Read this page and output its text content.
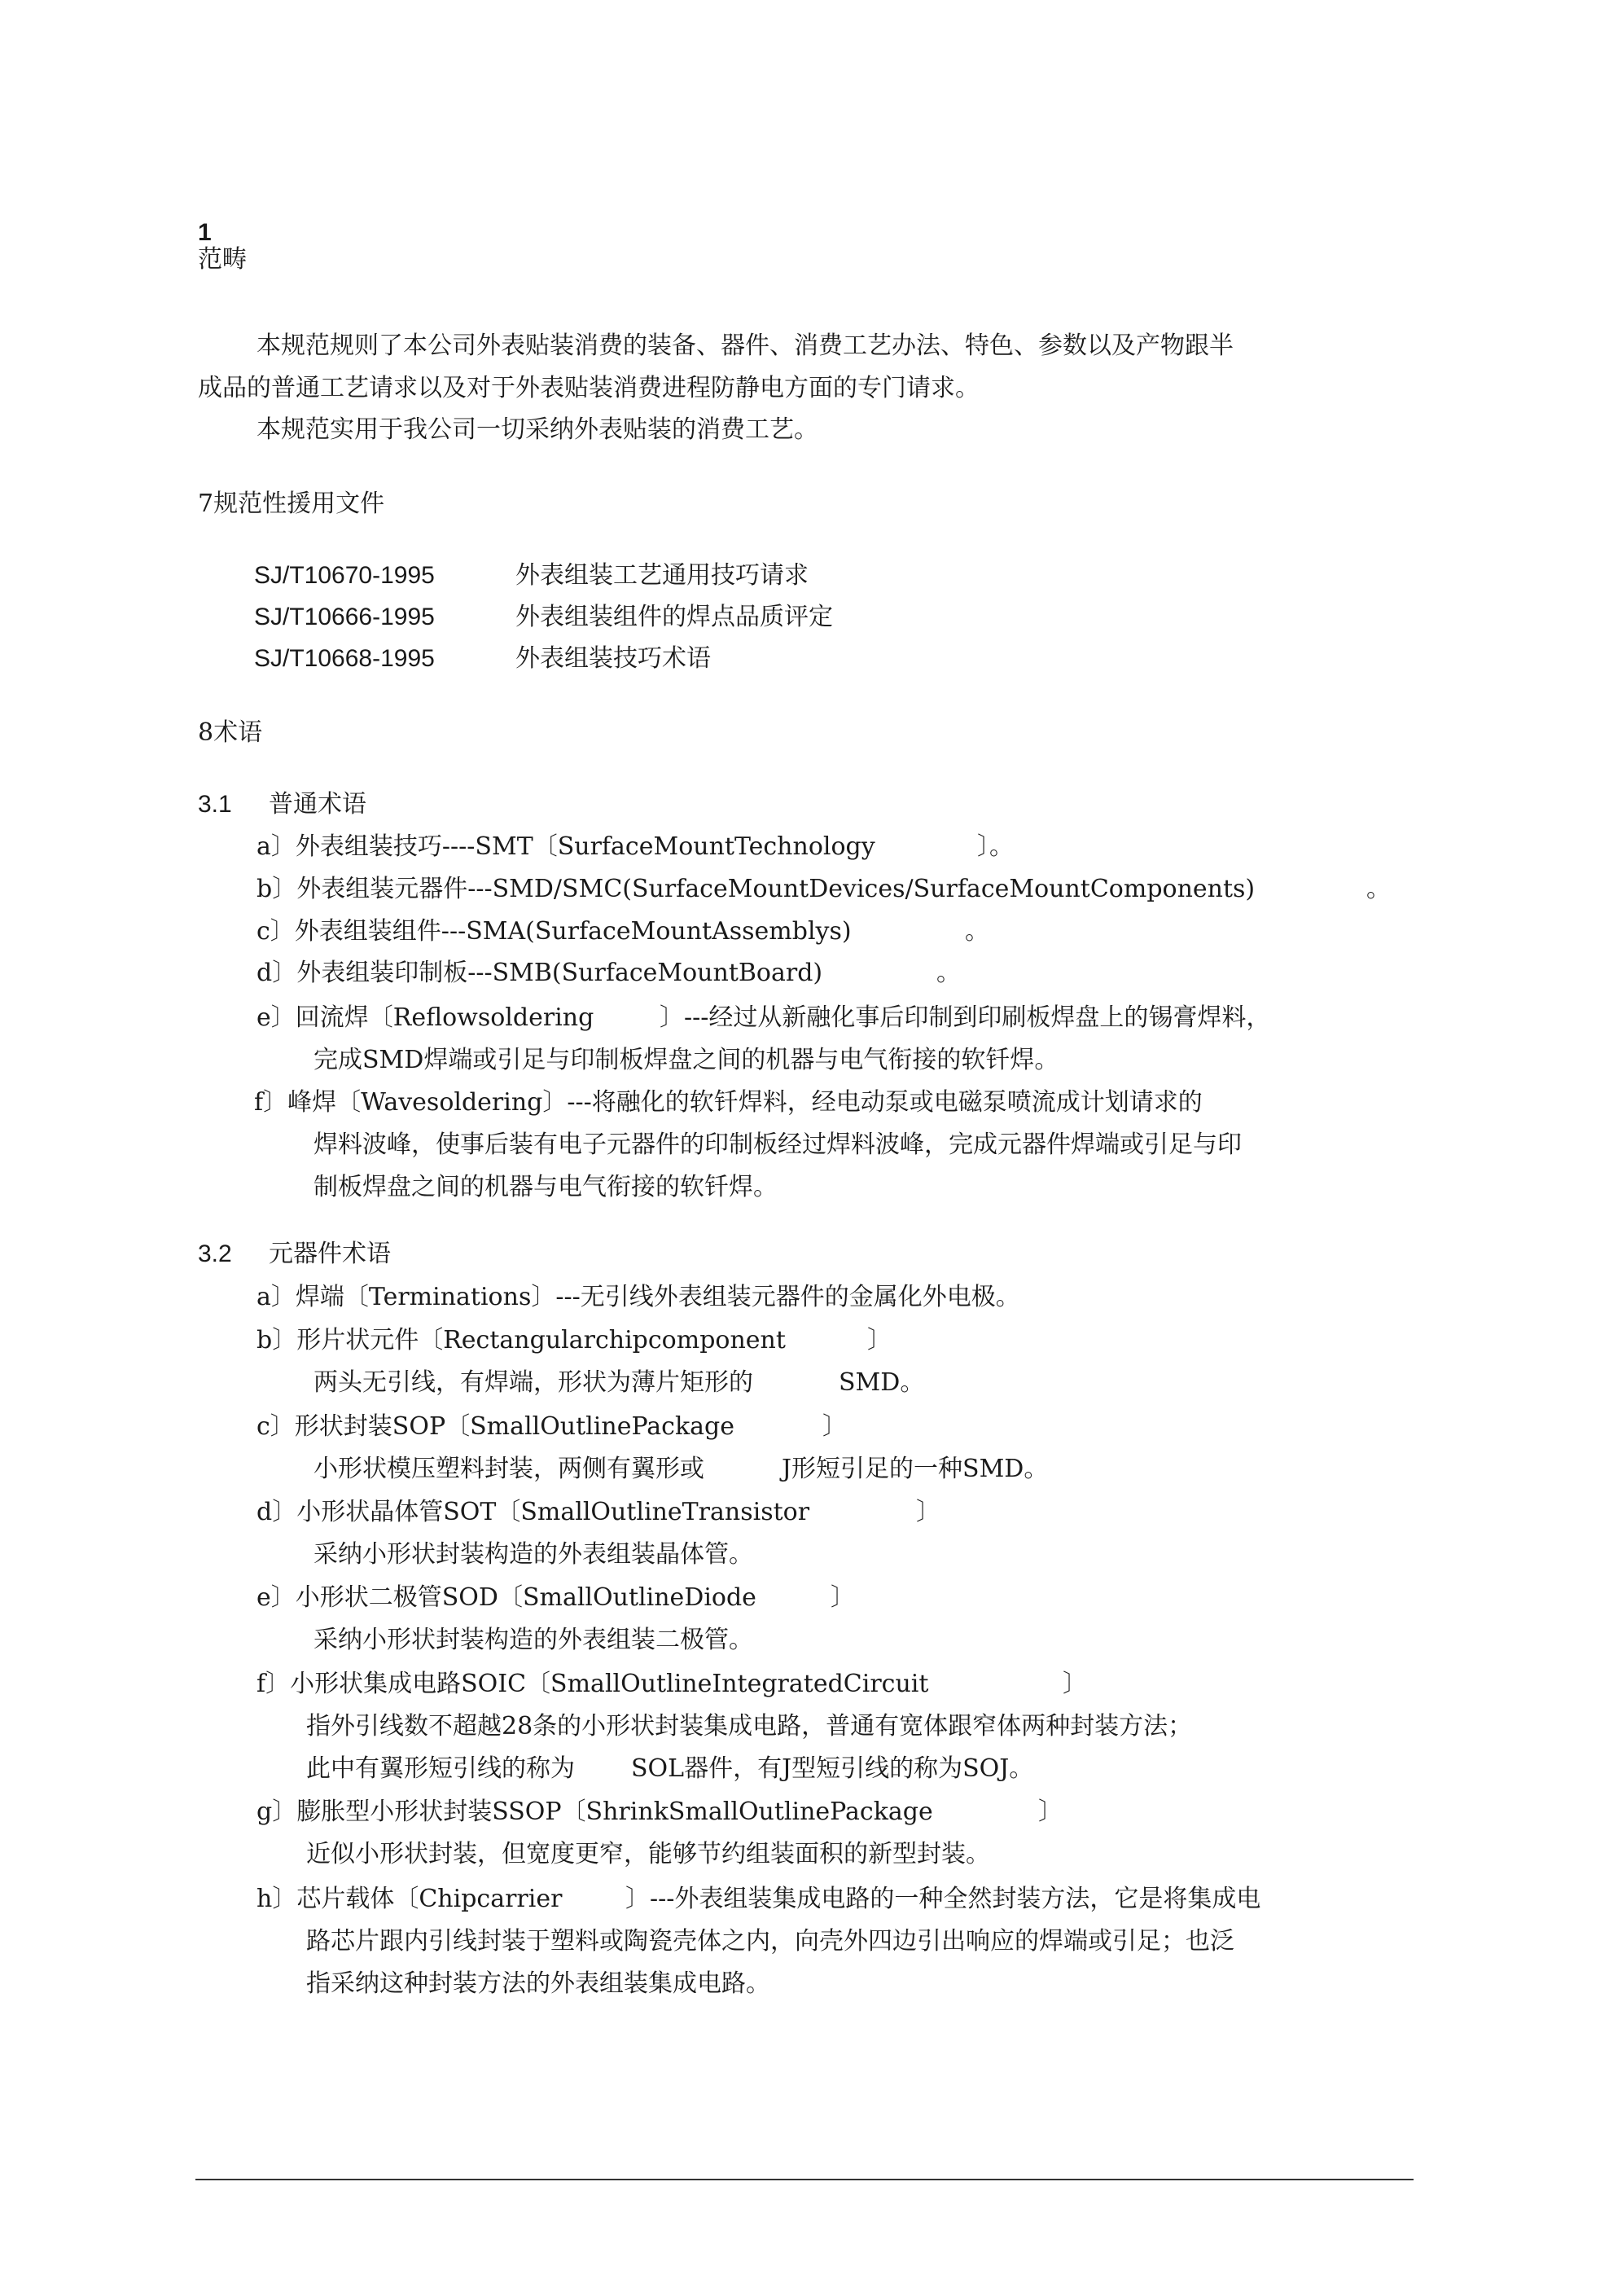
1
范畴
本规范规则了本公司外表贴装消费的装备、器件、消费工艺办法、特色、参数以及产物跟半
成品的普通工艺请求以及对于外表贴装消费进程防静电方面的专门请求。
本规范实用于我公司一切采纳外表贴装的消费工艺。
7规范性援用文件
SJ/T10670-1995	外表组装工艺通用技巧请求
SJ/T10666-1995	外表组装组件的焊点品质评定
SJ/T10668-1995	外表组装技巧术语
8术语
3.1 普通术语
a〕外表组装技巧----SMT〔SurfaceMountTechnology	〕。
b〕外表组装元器件---SMD/SMC(SurfaceMountDevices/SurfaceMountComponents)	。
c〕外表组装组件---SMA(SurfaceMountAssemblys)	。
d〕外表组装印制板---SMB(SurfaceMountBoard)	。
e〕回流焊〔Reflowsoldering	〕---经过从新融化事后印制到印刷板焊盘上的锡膏焊料，
完成SMD焊端或引足与印制板焊盘之间的机器与电气衔接的软钎焊。
f〕峰焊〔Wavesoldering〕---将融化的软钎焊料，经电动泵或电磁泵喷流成计划请求的
焊料波峰，使事后装有电子元器件的印制板经过焊料波峰，完成元器件焊端或引足与印
制板焊盘之间的机器与电气衔接的软钎焊。
3.2 元器件术语
a〕焊端〔Terminations〕---无引线外表组装元器件的金属化外电极。
b〕形片状元件〔Rectangularchipcomponent	〕
两头无引线，有焊端，形状为薄片矩形的	SMD。
c〕形状封装SOP〔SmallOutlinePackage	〕
小形状模压塑料封装，两侧有翼形或	J形短引足的一种SMD。
d〕小形状晶体管SOT〔SmallOutlineTransistor	〕
采纳小形状封装构造的外表组装晶体管。
e〕小形状二极管SOD〔SmallOutlineDiode	〕
采纳小形状封装构造的外表组装二极管。
f〕小形状集成电路SOIC〔SmallOutlineIntegratedCircuit	〕
指外引线数不超越28条的小形状封装集成电路，普通有宽体跟窄体两种封装方法；
此中有翼形短引线的称为 SOL器件，有J型短引线的称为SOJ。
g〕膨胀型小形状封装SSOP〔ShrinkSmallOutlinePackage	〕
近似小形状封装，但宽度更窄，能够节约组装面积的新型封装。
h〕芯片载体〔Chipcarrier	〕---外表组装集成电路的一种全然封装方法，它是将集成电
路芯片跟内引线封装于塑料或陶瓷壳体之内，向壳外四边引出响应的焊端或引足；也泛
指采纳这种封装方法的外表组装集成电路。
